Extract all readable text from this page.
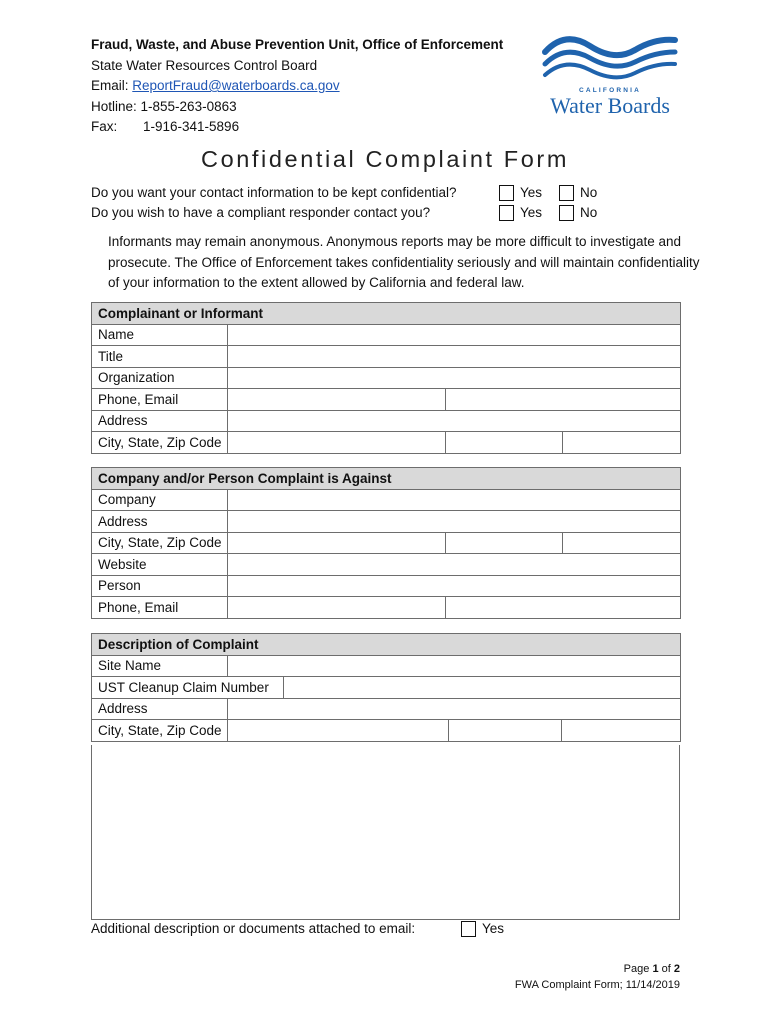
Fraud, Waste, and Abuse Prevention Unit, Office of Enforcement
State Water Resources Control Board
Email: ReportFraud@waterboards.ca.gov
Hotline: 1-855-263-0863
Fax: 1-916-341-5896
CALIFORNIA
Water Boards
Confidential Complaint Form
Do you want your contact information to be kept confidential?	Yes	No
Do you wish to have a compliant responder contact you?	Yes	No
Informants may remain anonymous. Anonymous reports may be more difficult to investigate and prosecute. The Office of Enforcement takes confidentiality seriously and will maintain confidentiality of your information to the extent allowed by California and federal law.
Complainant or Informant			
Name			
Title			
Organization			
Phone, Email			
Address			
City, State, Zip Code			
Company and/or Person Complaint is Against			
Company			
Address			
City, State, Zip Code			
Website			
Person			
Phone, Email			
Description of Complaint				
Site Name				
UST Cleanup Claim Number				
Address				
City, State, Zip Code				
Additional description or documents attached to email:	Yes
Page 1 of 2
FWA Complaint Form; 11/14/2019
